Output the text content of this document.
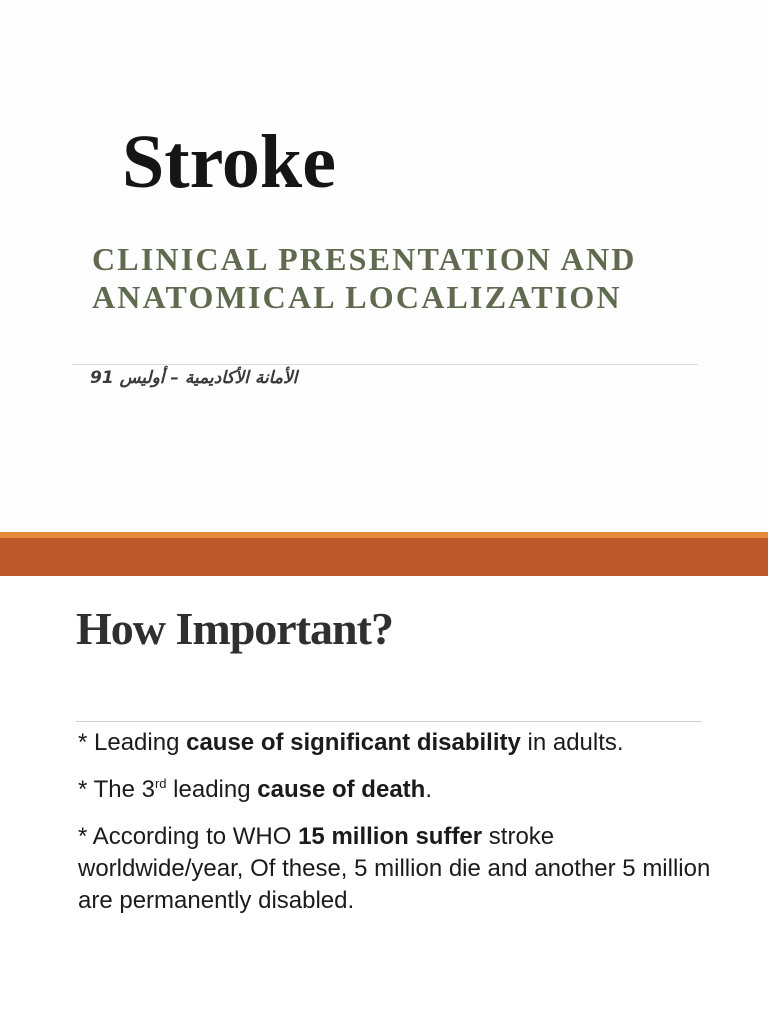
Stroke
CLINICAL PRESENTATION AND
ANATOMICAL LOCALIZATION
الأمانة الأكاديمية – أوليس 91
How Important?
* Leading cause of significant disability in adults.
* The 3rd leading cause of death.
* According to WHO 15 million suffer stroke worldwide/year, Of these, 5 million die and another 5 million are permanently disabled.
